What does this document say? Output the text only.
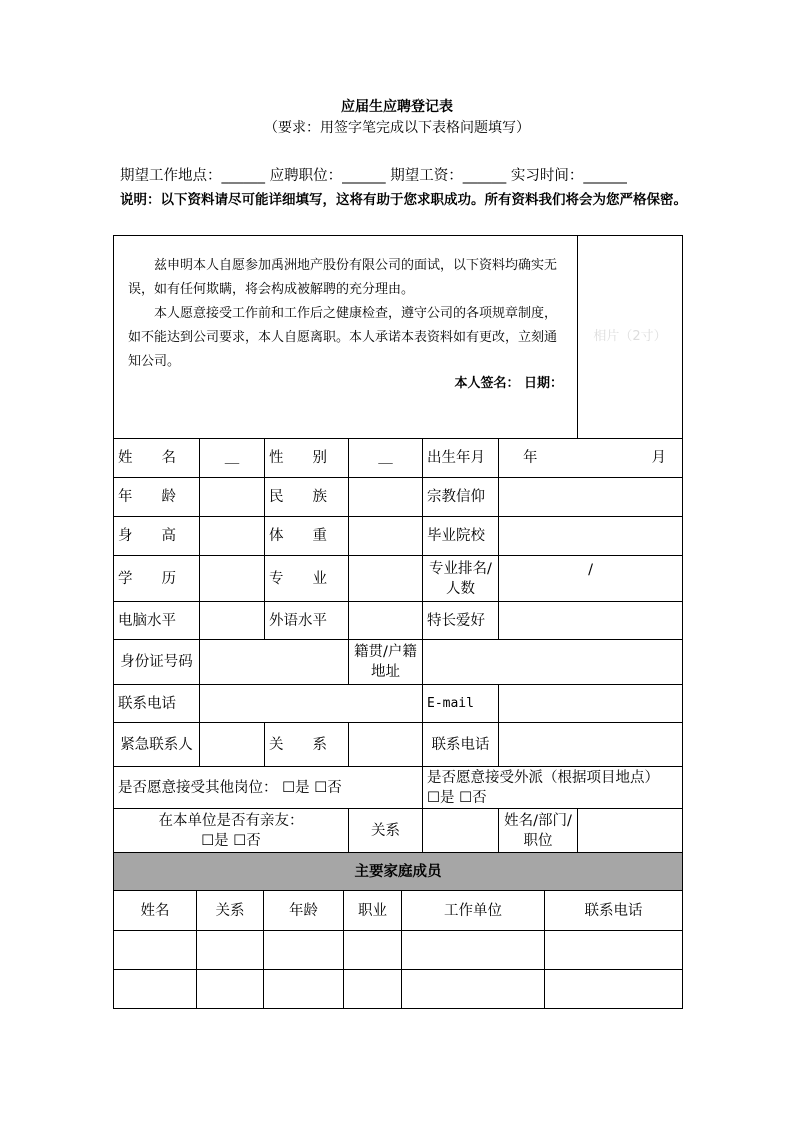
应届生应聘登记表
（要求：用签字笔完成以下表格问题填写）
期望工作地点：______ 应聘职位：______ 期望工资：______ 实习时间：______
说明：以下资料请尽可能详细填写，这将有助于您求职成功。所有资料我们将会为您严格保密。

兹申明本人自愿参加禹洲地产股份有限公司的面试，以下资料均确实无误，如有任何欺瞒，将会构成被解聘的充分理由。

本人愿意接受工作前和工作后之健康检查，遵守公司的各项规章制度，如不能达到公司要求，本人自愿离职。本人承诺本表资料如有更改，立刻通知公司。

本人签名： 日期：						相片（2寸）
姓　　名	＿	性　　别	＿	出生年月	年 月	

年　　龄		民　　族		宗教信仰		
身　　高		体　　重		毕业院校		
学　　历		专　　业		专业排名/人数	/	
电脑水平		外语水平		特长爱好		
身份证号码			籍贯/户籍地址			
联系电话				E-mail		
紧急联系人		关　　系		联系电话		
是否愿意接受其他岗位： ☐是 ☐否				是否愿意接受外派（根据项目地点）
☐是 ☐否		

在本单位是否有亲友：
☐是 ☐否			关系		姓名/部门/职位	
主要家庭成员						
姓名	关系	年龄	职业	工作单位	联系电话
